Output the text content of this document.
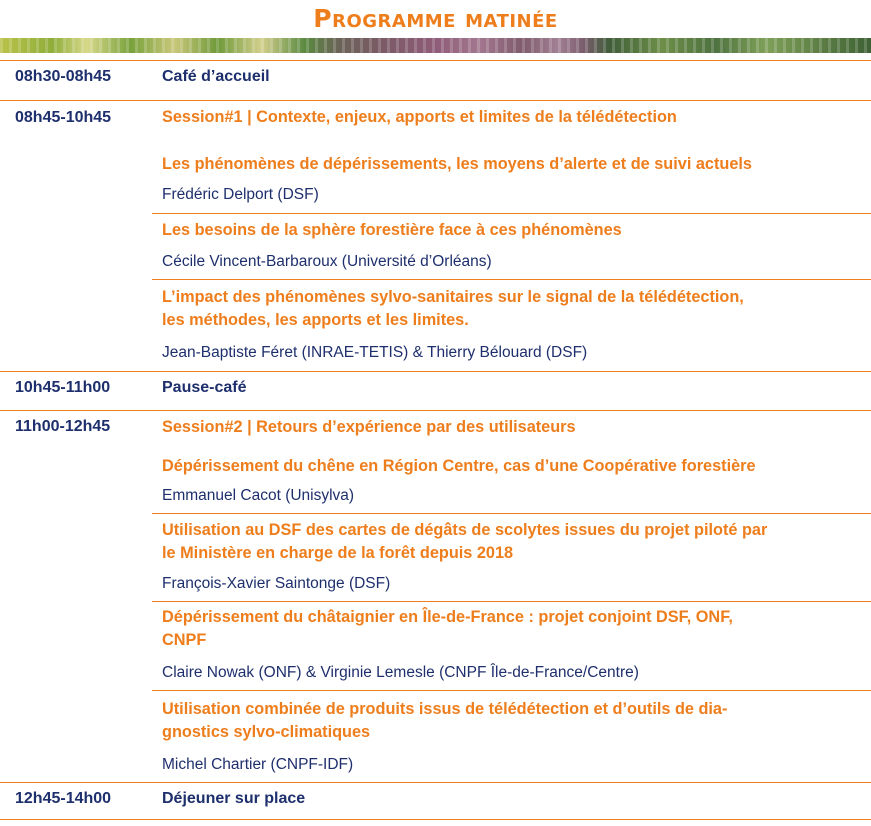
Programme matinée
08h30-08h45	Café d’accueil
08h45-10h45	Session#1 | Contexte, enjeux, apports et limites de la télédétection
Les phénomènes de dépérissements, les moyens d’alerte et de suivi actuels
Frédéric Delport (DSF)
Les besoins de la sphère forestière face à ces phénomènes
Cécile Vincent-Barbaroux (Université d’Orléans)
L’impact des phénomènes sylvo-sanitaires sur le signal de la télédétection,
les méthodes, les apports et les limites.
Jean-Baptiste Féret (INRAE-TETIS) & Thierry Bélouard (DSF)
10h45-11h00	Pause-café
11h00-12h45	Session#2 | Retours d’expérience par des utilisateurs
Dépérissement du chêne en Région Centre, cas d’une Coopérative forestière
Emmanuel Cacot (Unisylva)
Utilisation au DSF des cartes de dégâts de scolytes issues du projet piloté par
le Ministère en charge de la forêt depuis 2018
François-Xavier Saintonge (DSF)
Dépérissement du châtaignier en Île-de-France : projet conjoint DSF, ONF,
CNPF
Claire Nowak (ONF) & Virginie Lemesle (CNPF Île-de-France/Centre)
Utilisation combinée de produits issus de télédétection et d’outils de dia-
gnostics sylvo-climatiques
Michel Chartier (CNPF-IDF)
12h45-14h00	Déjeuner sur place
